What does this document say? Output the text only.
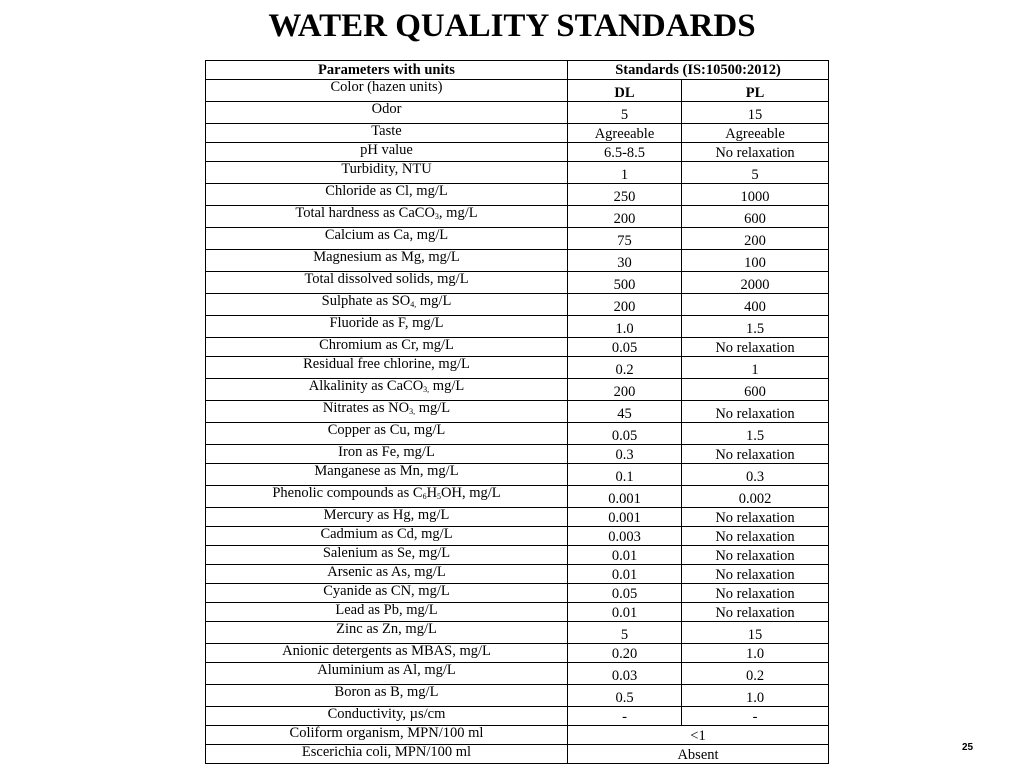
WATER QUALITY STANDARDS
Parameters with units	Standards (IS:10500:2012)	
Color (hazen units)	DL	PL
Odor	5	15
Taste	Agreeable	Agreeable
pH value	6.5-8.5	No relaxation
Turbidity, NTU	1	5
Chloride as Cl, mg/L	250	1000
Total hardness as CaCO$_3$, mg/L	200	600
Calcium as Ca, mg/L	75	200
Magnesium as Mg, mg/L	30	100
Total dissolved solids, mg/L	500	2000
Sulphate as $SO_{4,}$ mg/L	200	400
Fluoride as F, mg/L	1.0	1.5
Chromium as Cr, mg/L	0.05	No relaxation
Residual free chlorine, mg/L	0.2	1
Alkalinity as CaCO$_{3,}$ mg/L	200	600
Nitrates as $NO_{3,}$ mg/L	45	No relaxation
Copper as Cu, mg/L	0.05	1.5
Iron as Fe, mg/L	0.3	No relaxation
Manganese as Mn, mg/L	0.1	0.3
Phenolic compounds as $C_6H_5OH$, mg/L	0.001	0.002
Mercury as Hg, mg/L	0.001	No relaxation
Cadmium as Cd, mg/L	0.003	No relaxation
Salenium as Se, mg/L	0.01	No relaxation
Arsenic as As, mg/L	0.01	No relaxation
Cyanide as CN, mg/L	0.05	No relaxation
Lead as Pb, mg/L	0.01	No relaxation
Zinc as Zn, mg/L	5	15
Anionic detergents as MBAS, mg/L	0.20	1.0
Aluminium as Al, mg/L	0.03	0.2
Boron as B, mg/L	0.5	1.0
Conductivity, µs/cm	-	-
Coliform organism, MPN/100 ml	<1	
Escerichia coli, MPN/100 ml	Absent		25
